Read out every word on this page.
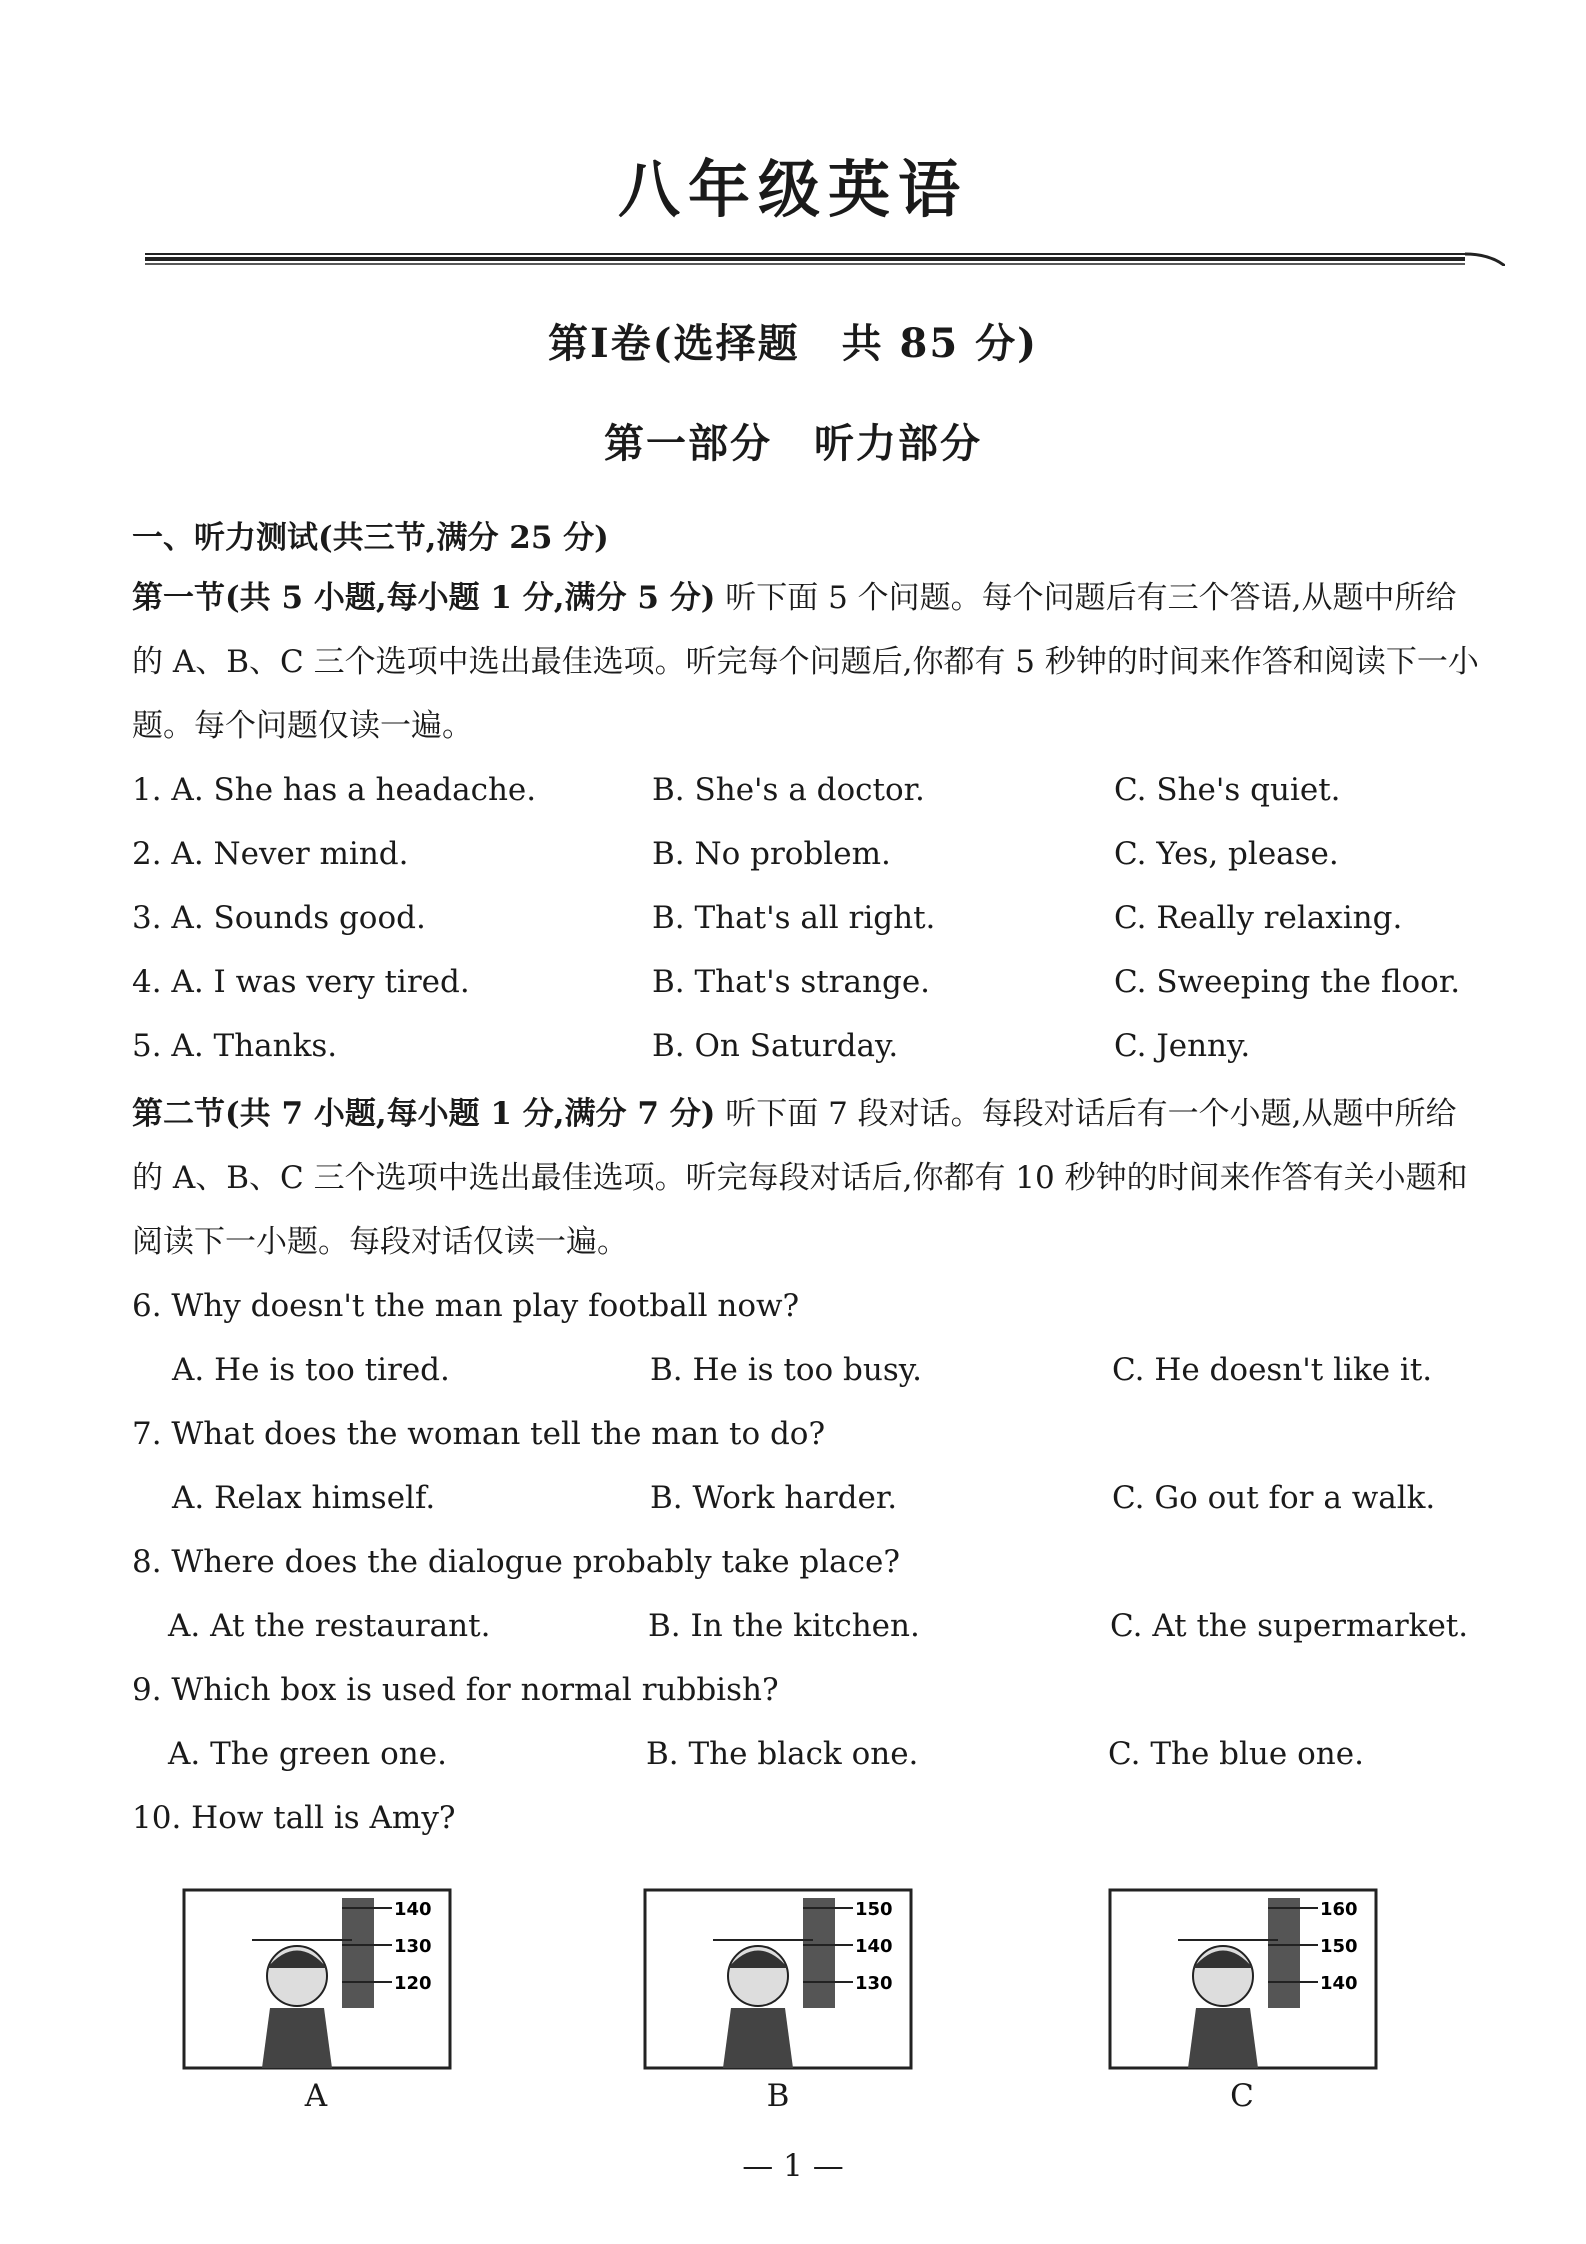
八年级英语
第Ⅰ卷(选择题　共 85 分)
第一部分　听力部分
一、听力测试(共三节,满分 25 分)
第一节(共 5 小题,每小题 1 分,满分 5 分) 听下面 5 个问题。每个问题后有三个答语,从题中所给
的 A、B、C 三个选项中选出最佳选项。听完每个问题后,你都有 5 秒钟的时间来作答和阅读下一小
题。每个问题仅读一遍。
1. A. She has a headache.	B. She's a doctor.	C. She's quiet.
2. A. Never mind.	B. No problem.	C. Yes, please.
3. A. Sounds good.	B. That's all right.	C. Really relaxing.
4. A. I was very tired.	B. That's strange.	C. Sweeping the floor.
5. A. Thanks.	B. On Saturday.	C. Jenny.
第二节(共 7 小题,每小题 1 分,满分 7 分) 听下面 7 段对话。每段对话后有一个小题,从题中所给
的 A、B、C 三个选项中选出最佳选项。听完每段对话后,你都有 10 秒钟的时间来作答有关小题和
阅读下一小题。每段对话仅读一遍。
6. Why doesn't the man play football now?
A. He is too tired.	B. He is too busy.	C. He doesn't like it.
7. What does the woman tell the man to do?
A. Relax himself.	B. Work harder.	C. Go out for a walk.
8. Where does the dialogue probably take place?
A. At the restaurant.	B. In the kitchen.	C. At the supermarket.
9. Which box is used for normal rubbish?
A. The green one.	B. The black one.	C. The blue one.
10. How tall is Amy?
140
130
120
150
140
130
160
150
140
A	B	C
— 1 —
